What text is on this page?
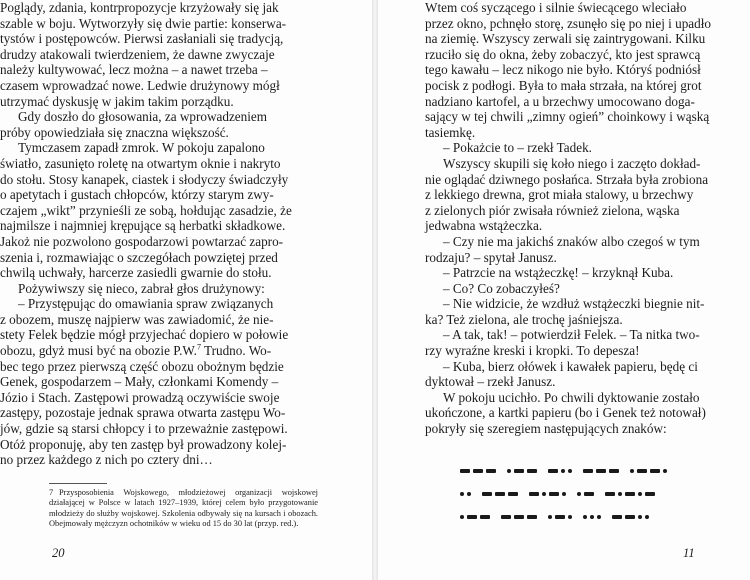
Poglądy, zdania, kontrpropozycje krzyżowały się jak

szable w boju. Wytworzyły się dwie partie: konserwa-

tystów i postępowców. Pierwsi zasłaniali się tradycją,

drudzy atakowali twierdzeniem, że dawne zwyczaje

należy kultywować, lecz można – a nawet trzeba –

czasem wprowadzać nowe. Ledwie drużynowy mógł

utrzymać dyskusję w jakim takim porządku.

Gdy doszło do głosowania, za wprowadzeniem

próby opowiedziała się znaczna większość.

Tymczasem zapadł zmrok. W pokoju zapalono

światło, zasunięto roletę na otwartym oknie i nakryto

do stołu. Stosy kanapek, ciastek i słodyczy świadczyły

o apetytach i gustach chłopców, którzy starym zwy-

czajem „wikt” przynieśli ze sobą, hołdując zasadzie, że

najmilsze i najmniej krępujące są herbatki składkowe.

Jakoż nie pozwolono gospodarzowi powtarzać zapro-

szenia i, rozmawiając o szczegółach powziętej przed

chwilą uchwały, harcerze zasiedli gwarnie do stołu.

Pożywiwszy się nieco, zabrał głos drużynowy:

– Przystępując do omawiania spraw związanych

z obozem, muszę najpierw was zawiadomić, że nie-

stety Felek będzie mógł przyjechać dopiero w połowie

obozu, gdyż musi być na obozie P.W.$^7$ Trudno. Wo-

bec tego przez pierwszą część obozu obożnym będzie

Genek, gospodarzem – Mały, członkami Komendy –

Józio i Stach. Zastępowi prowadzą oczywiście swoje

zastępy, pozostaje jednak sprawa otwarta zastępu Wo-

jów, gdzie są starsi chłopcy i to przeważnie zastępowi.

Otóż proponuję, aby ten zastęp był prowadzony kolej-

no przez każdego z nich po cztery dni…

7 Przysposobienia Wojskowego, młodzieżowej organizacji wojskowej działającej w Polsce w latach 1927–1939, której celem było przygotowanie młodzieży do służby wojskowej. Szkolenia odbywały się na kursach i obozach. Obejmowały mężczyzn ochotników w wieku od 15 do 30 lat (przyp. red.).
20

Wtem coś syczącego i silnie świecącego wleciało

przez okno, pchnęło storę, zsunęło się po niej i upadło

na ziemię. Wszyscy zerwali się zaintrygowani. Kilku

rzuciło się do okna, żeby zobaczyć, kto jest sprawcą

tego kawału – lecz nikogo nie było. Któryś podniósł

pocisk z podłogi. Była to mała strzała, na której grot

nadziano kartofel, a u brzechwy umocowano doga-

sający w tej chwili „zimny ogień” choinkowy i wąską

tasiemkę.

– Pokażcie to – rzekł Tadek.

Wszyscy skupili się koło niego i zaczęto dokład-

nie oglądać dziwnego posłańca. Strzała była zrobiona

z lekkiego drewna, grot miała stalowy, u brzechwy

z zielonych piór zwisała również zielona, wąska

jedwabna wstążeczka.

– Czy nie ma jakichś znaków albo czegoś w tym

rodzaju? – spytał Janusz.

– Patrzcie na wstążeczkę! – krzyknął Kuba.

– Co? Co zobaczyłeś?

– Nie widzicie, że wzdłuż wstążeczki biegnie nit-

ka? Też zielona, ale trochę jaśniejsza.

– A tak, tak! – potwierdził Felek. – Ta nitka two-

rzy wyraźne kreski i kropki. To depesza!

– Kuba, bierz ołówek i kawałek papieru, będę ci

dyktował – rzekł Janusz.

W pokoju ucichło. Po chwili dyktowanie zostało

ukończone, a kartki papieru (bo i Genek też notował)

pokryły się szeregiem następujących znaków:

11
